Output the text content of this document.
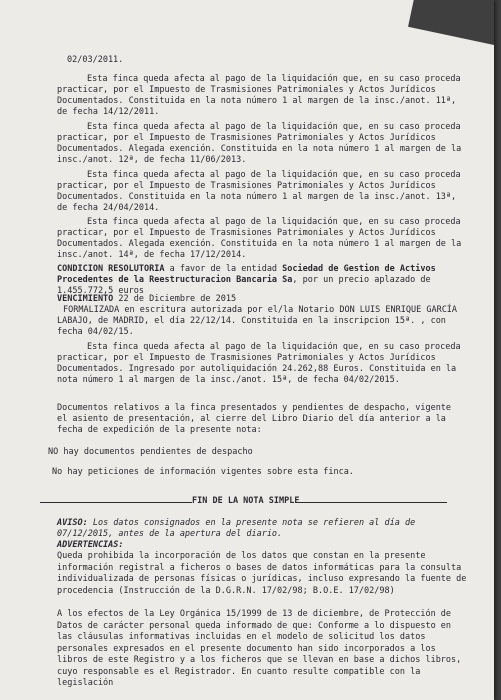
02/03/2011.

Esta finca queda afecta al pago de la liquidación que, en su caso proceda practicar, por el Impuesto de Trasmisiones Patrimoniales y Actos Jurídicos Documentados. Constituida en la nota número 1 al margen de la insc./anot. 11ª, de fecha 14/12/2011.

Esta finca queda afecta al pago de la liquidación que, en su caso proceda practicar, por el Impuesto de Trasmisiones Patrimoniales y Actos Jurídicos Documentados. Alegada exención. Constituida en la nota número 1 al margen de la insc./anot. 12ª, de fecha 11/06/2013.

Esta finca queda afecta al pago de la liquidación que, en su caso proceda practicar, por el Impuesto de Trasmisiones Patrimoniales y Actos Jurídicos Documentados. Constituida en la nota número 1 al margen de la insc./anot. 13ª, de fecha 24/04/2014.

Esta finca queda afecta al pago de la liquidación que, en su caso proceda practicar, por el Impuesto de Trasmisiones Patrimoniales y Actos Jurídicos Documentados. Alegada exención. Constituida en la nota número 1 al margen de la insc./anot. 14ª, de fecha 17/12/2014.

CONDICION RESOLUTORIA a favor de la entidad Sociedad de Gestion de Activos Procedentes de la Reestructuracion Bancaria Sa, por un precio aplazado de 1.455.772,5 euros

VENCIMIENTO 22 de Diciembre de 2015

FORMALIZADA en escritura autorizada por el/la Notario DON LUIS ENRIQUE GARCÍA LABAJO, de MADRID, el día 22/12/14. Constituida en la inscripcion 15ª. , con fecha 04/02/15.

Esta finca queda afecta al pago de la liquidación que, en su caso proceda practicar, por el Impuesto de Trasmisiones Patrimoniales y Actos Jurídicos Documentados. Ingresado por autoliquidación 24.262,88 Euros. Constituida en la nota número 1 al margen de la insc./anot. 15ª, de fecha 04/02/2015.

Documentos relativos a la finca presentados y pendientes de despacho, vigente el asiento de presentación, al cierre del Libro Diario del día anterior a la fecha de expedición de la presente nota:

NO hay documentos pendientes de despacho

No hay peticiones de información vigentes sobre esta finca.

FIN DE LA NOTA SIMPLE

AVISO: Los datos consignados en la presente nota se refieren al día de 07/12/2015, antes de la apertura del diario.

ADVERTENCIAS:

Queda prohibida la incorporación de los datos que constan en la presente información registral a ficheros o bases de datos informáticas para la consulta individualizada de personas físicas o jurídicas, incluso expresando la fuente de procedencia (Instrucción de la D.G.R.N. 17/02/98; B.O.E. 17/02/98)

A los efectos de la Ley Orgánica 15/1999 de 13 de diciembre, de Protección de Datos de carácter personal queda informado de que: Conforme a lo dispuesto en las cláusulas informativas incluidas en el modelo de solicitud los datos personales expresados en el presente documento han sido incorporados a los libros de este Registro y a los ficheros que se llevan en base a dichos libros, cuyo responsable es el Registrador. En cuanto resulte compatible con la legislación
